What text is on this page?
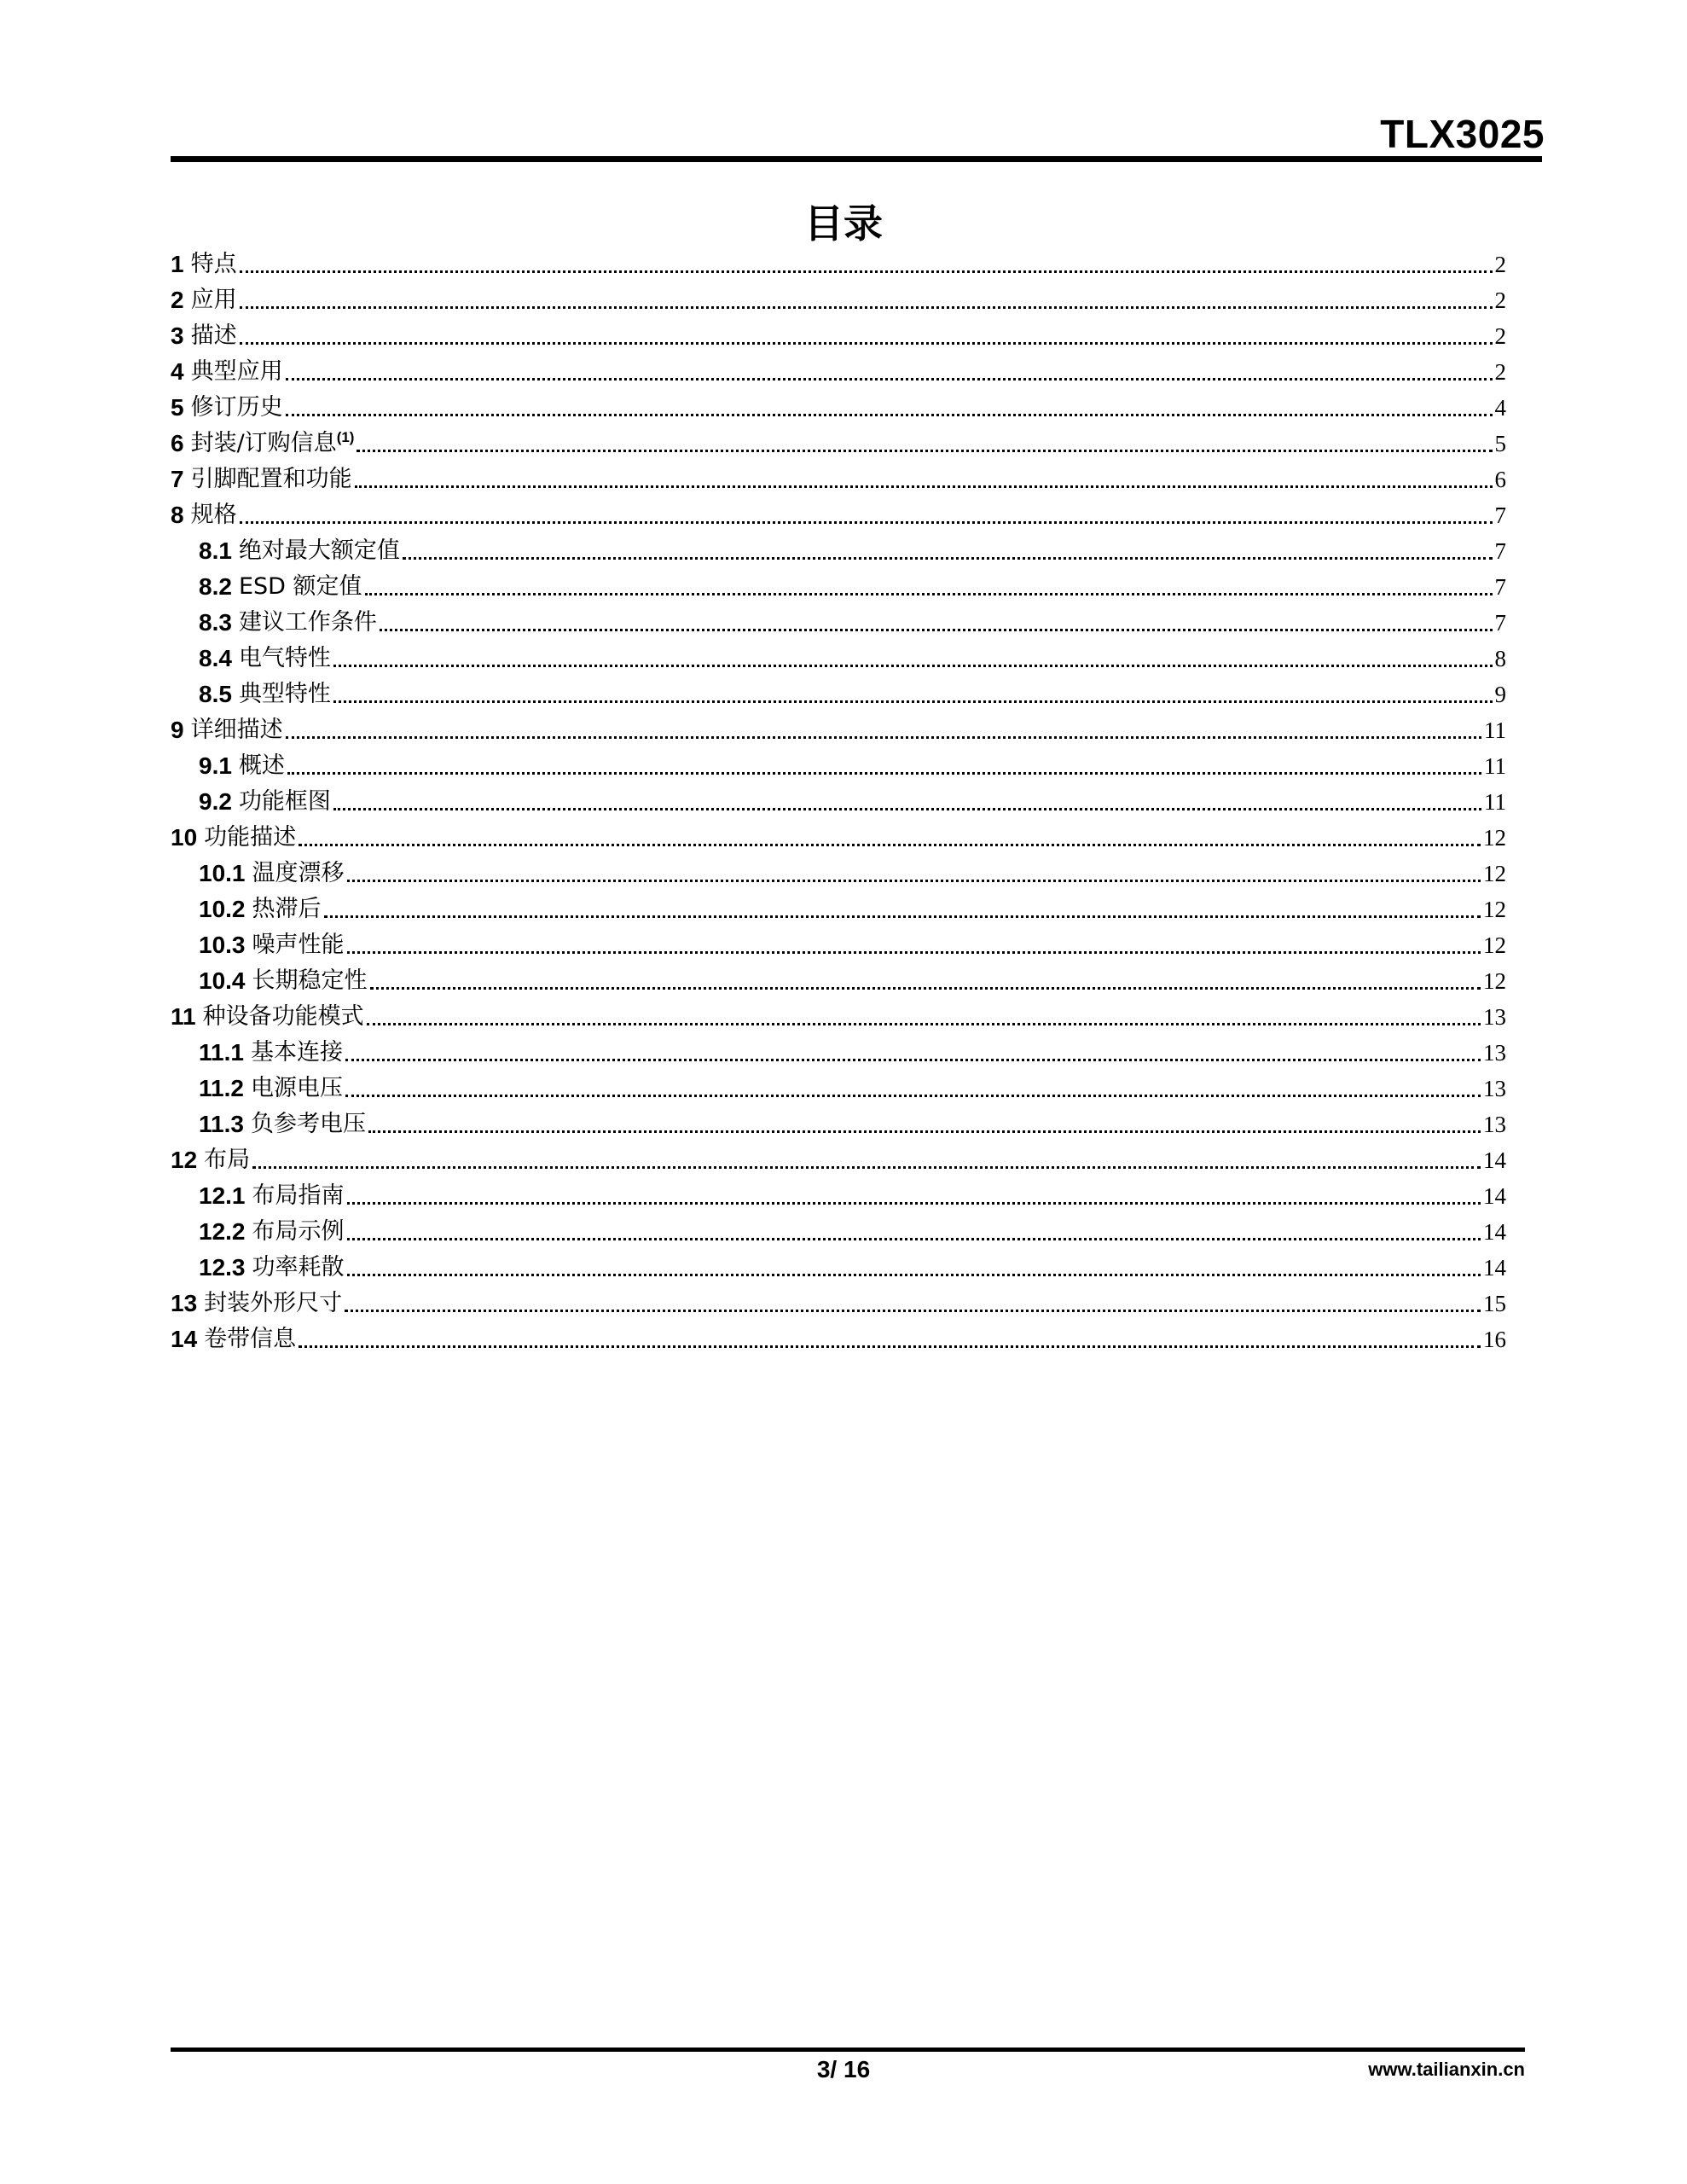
TLX3025
目录
1 特点	2
2 应用	2
3 描述	2
4 典型应用	2
5 修订历史	4
6 封装/订购信息$^{(1)}$	5
7 引脚配置和功能	6
8 规格	7
8.1 绝对最大额定值	7
8.2 ESD 额定值	7
8.3 建议工作条件	7
8.4 电气特性	8
8.5 典型特性	9
9 详细描述	11
9.1 概述	11
9.2 功能框图	11
10 功能描述	12
10.1 温度漂移	12
10.2 热滞后	12
10.3 噪声性能	12
10.4 长期稳定性	12
11 种设备功能模式	13
11.1 基本连接	13
11.2 电源电压	13
11.3 负参考电压	13
12 布局	14
12.1 布局指南	14
12.2 布局示例	14
12.3 功率耗散	14
13 封装外形尺寸	15
14 卷带信息	16
3/ 16	www.tailianxin.cn
